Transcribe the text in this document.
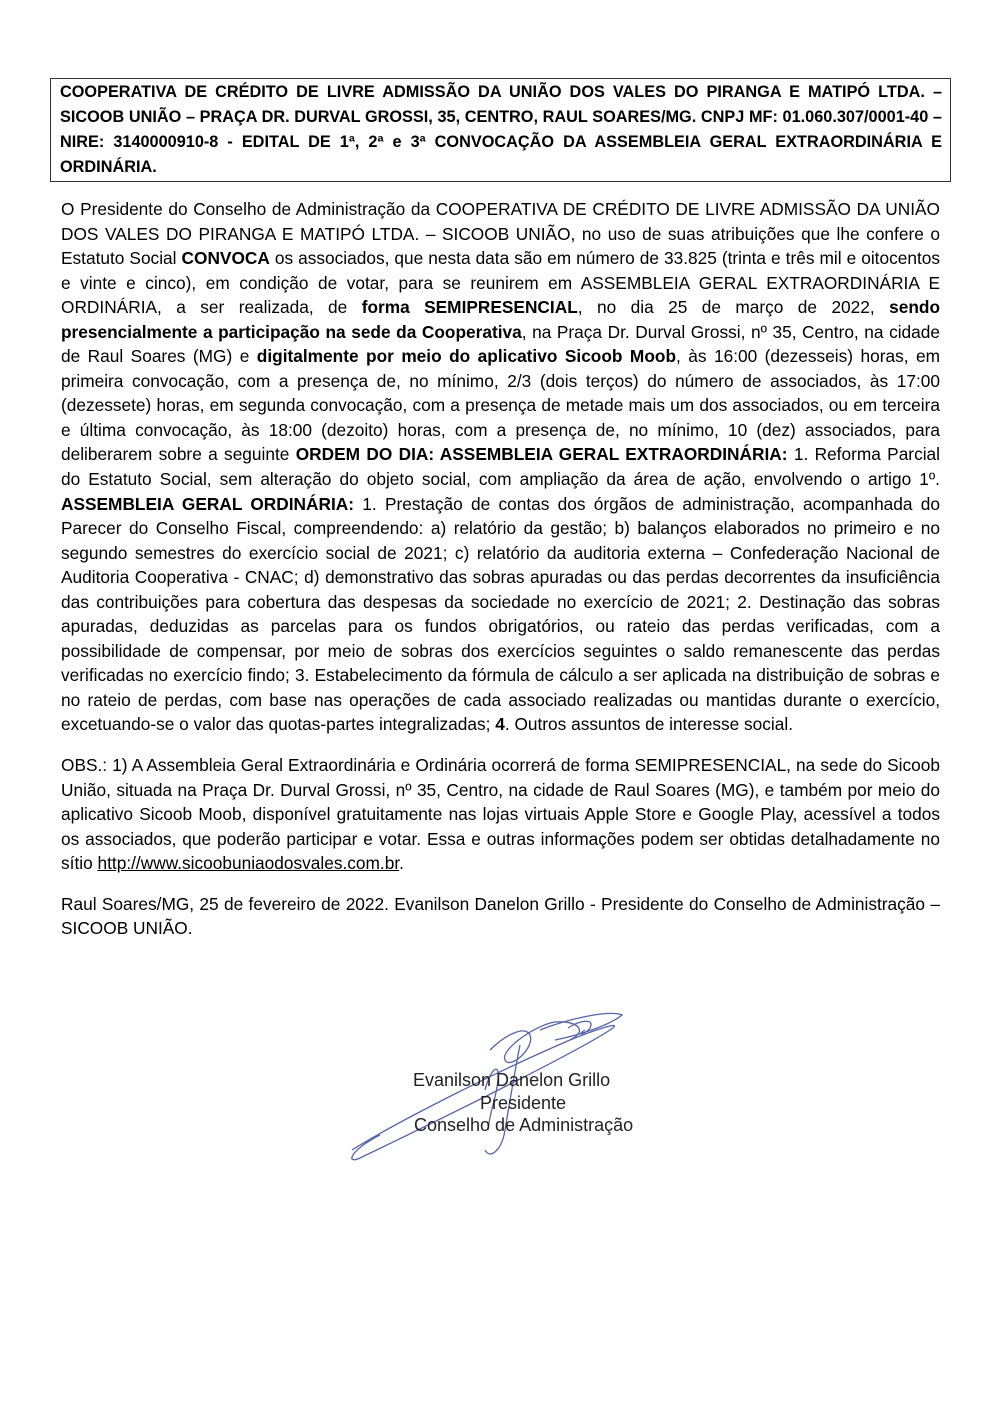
COOPERATIVA DE CRÉDITO DE LIVRE ADMISSÃO DA UNIÃO DOS VALES DO PIRANGA E MATIPÓ LTDA. – SICOOB UNIÃO – PRAÇA DR. DURVAL GROSSI, 35, CENTRO, RAUL SOARES/MG. CNPJ MF: 01.060.307/0001-40 – NIRE: 3140000910-8 - EDITAL DE 1ª, 2ª e 3ª CONVOCAÇÃO DA ASSEMBLEIA GERAL EXTRAORDINÁRIA E ORDINÁRIA.

O Presidente do Conselho de Administração da COOPERATIVA DE CRÉDITO DE LIVRE ADMISSÃO DA UNIÃO DOS VALES DO PIRANGA E MATIPÓ LTDA. – SICOOB UNIÃO, no uso de suas atribuições que lhe confere o Estatuto Social CONVOCA os associados, que nesta data são em número de 33.825 (trinta e três mil e oitocentos e vinte e cinco), em condição de votar, para se reunirem em ASSEMBLEIA GERAL EXTRAORDINÁRIA E ORDINÁRIA, a ser realizada, de forma SEMIPRESENCIAL, no dia 25 de março de 2022, sendo presencialmente a participação na sede da Cooperativa, na Praça Dr. Durval Grossi, nº 35, Centro, na cidade de Raul Soares (MG) e digitalmente por meio do aplicativo Sicoob Moob, às 16:00 (dezesseis) horas, em primeira convocação, com a presença de, no mínimo, 2/3 (dois terços) do número de associados, às 17:00 (dezessete) horas, em segunda convocação, com a presença de metade mais um dos associados, ou em terceira e última convocação, às 18:00 (dezoito) horas, com a presença de, no mínimo, 10 (dez) associados, para deliberarem sobre a seguinte ORDEM DO DIA: ASSEMBLEIA GERAL EXTRAORDINÁRIA: 1. Reforma Parcial do Estatuto Social, sem alteração do objeto social, com ampliação da área de ação, envolvendo o artigo 1º. ASSEMBLEIA GERAL ORDINÁRIA: 1. Prestação de contas dos órgãos de administração, acompanhada do Parecer do Conselho Fiscal, compreendendo: a) relatório da gestão; b) balanços elaborados no primeiro e no segundo semestres do exercício social de 2021; c) relatório da auditoria externa – Confederação Nacional de Auditoria Cooperativa - CNAC; d) demonstrativo das sobras apuradas ou das perdas decorrentes da insuficiência das contribuições para cobertura das despesas da sociedade no exercício de 2021; 2. Destinação das sobras apuradas, deduzidas as parcelas para os fundos obrigatórios, ou rateio das perdas verificadas, com a possibilidade de compensar, por meio de sobras dos exercícios seguintes o saldo remanescente das perdas verificadas no exercício findo; 3. Estabelecimento da fórmula de cálculo a ser aplicada na distribuição de sobras e no rateio de perdas, com base nas operações de cada associado realizadas ou mantidas durante o exercício, excetuando-se o valor das quotas-partes integralizadas; 4. Outros assuntos de interesse social.

OBS.: 1) A Assembleia Geral Extraordinária e Ordinária ocorrerá de forma SEMIPRESENCIAL, na sede do Sicoob União, situada na Praça Dr. Durval Grossi, nº 35, Centro, na cidade de Raul Soares (MG), e também por meio do aplicativo Sicoob Moob, disponível gratuitamente nas lojas virtuais Apple Store e Google Play, acessível a todos os associados, que poderão participar e votar. Essa e outras informações podem ser obtidas detalhadamente no sítio http://www.sicoobuniaodosvales.com.br.

Raul Soares/MG, 25 de fevereiro de 2022. Evanilson Danelon Grillo - Presidente do Conselho de Administração – SICOOB UNIÃO.

Evanilson Danelon Grillo
Presidente
Conselho de Administração
